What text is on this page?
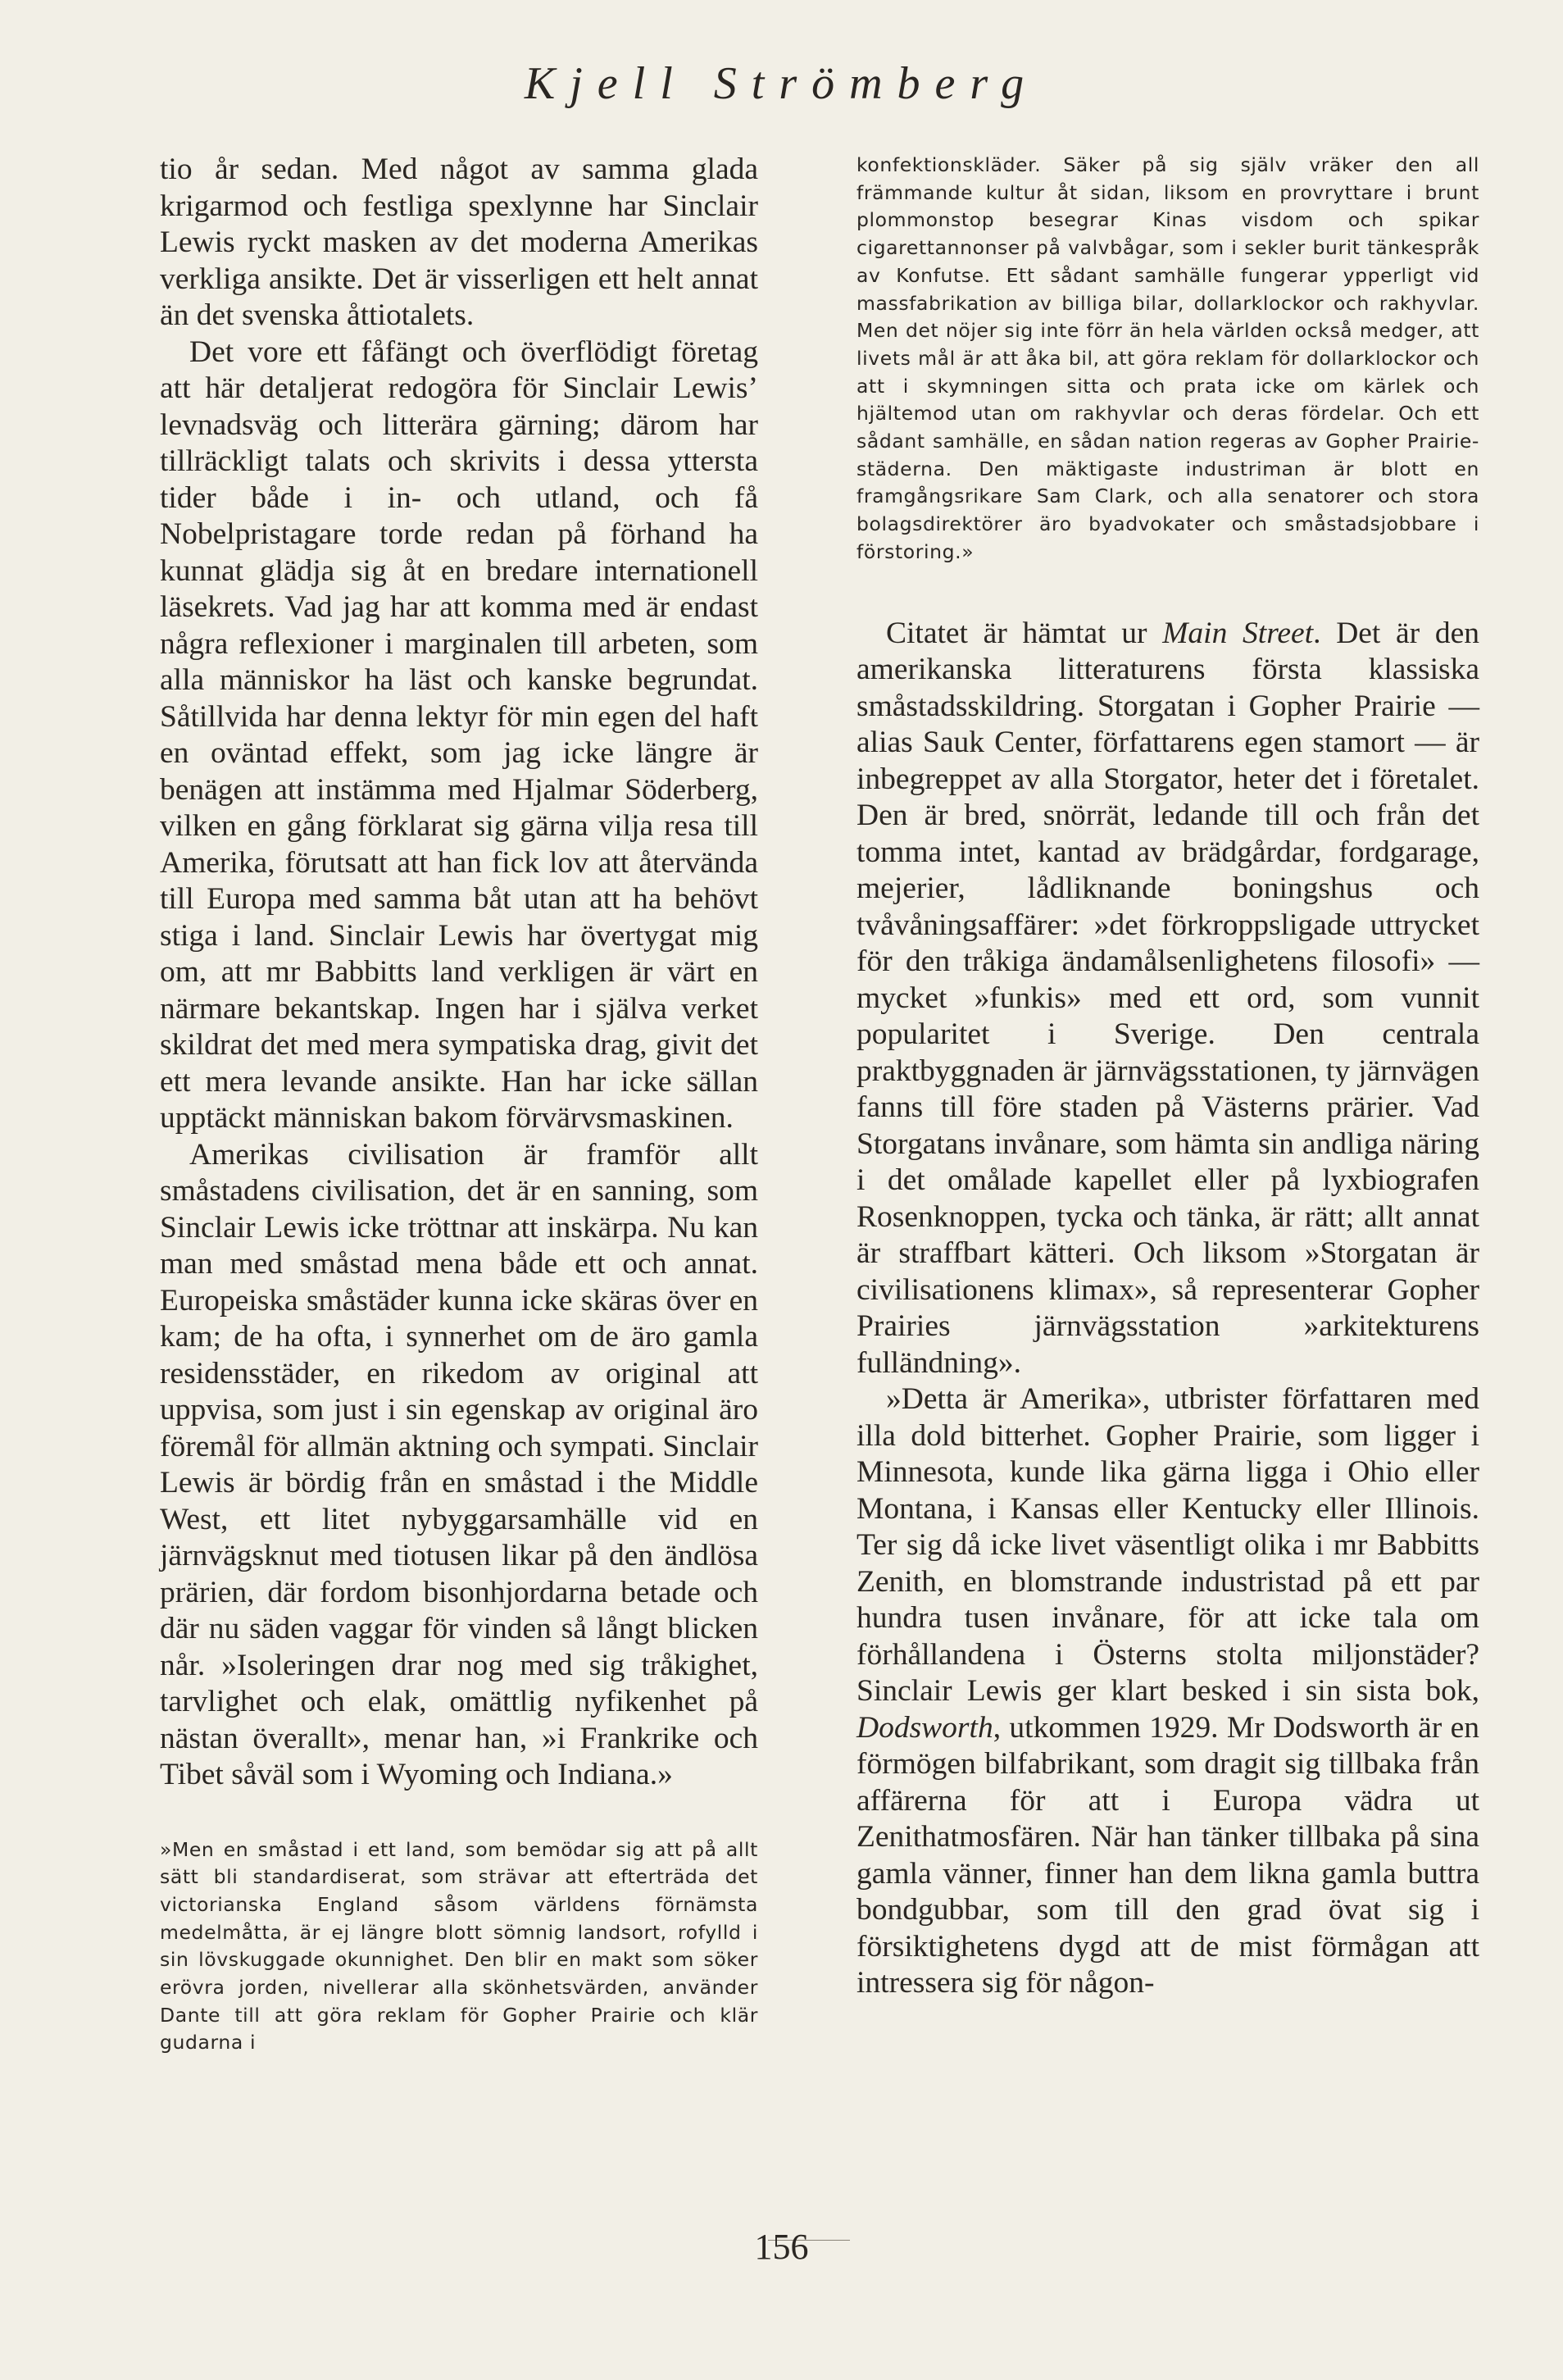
Kjell Strömberg

tio år sedan. Med något av samma glada krigarmod och festliga spexlynne har Sinclair Lewis ryckt masken av det moderna Amerikas verkliga ansikte. Det är visserligen ett helt annat än det svenska åttiotalets.

Det vore ett fåfängt och överflödigt företag att här detaljerat redogöra för Sinclair Lewis’ levnadsväg och litterära gärning; därom har tillräckligt talats och skrivits i dessa yttersta tider både i in- och utland, och få Nobelpristagare torde redan på förhand ha kunnat glädja sig åt en bredare internationell läsekrets. Vad jag har att komma med är endast några reflexioner i marginalen till arbeten, som alla människor ha läst och kanske begrundat. Såtillvida har denna lektyr för min egen del haft en oväntad effekt, som jag icke längre är benägen att instämma med Hjalmar Söderberg, vilken en gång förklarat sig gärna vilja resa till Amerika, förutsatt att han fick lov att återvända till Europa med samma båt utan att ha behövt stiga i land. Sinclair Lewis har övertygat mig om, att mr Babbitts land verkligen är värt en närmare bekantskap. Ingen har i själva verket skildrat det med mera sympatiska drag, givit det ett mera levande ansikte. Han har icke sällan upptäckt människan bakom förvärvsmaskinen.

Amerikas civilisation är framför allt småstadens civilisation, det är en sanning, som Sinclair Lewis icke tröttnar att inskärpa. Nu kan man med småstad mena både ett och annat. Europeiska småstäder kunna icke skäras över en kam; de ha ofta, i synnerhet om de äro gamla residensstäder, en rikedom av original att uppvisa, som just i sin egenskap av original äro föremål för allmän aktning och sympati. Sinclair Lewis är bördig från en småstad i the Middle West, ett litet nybyggarsamhälle vid en järnvägsknut med tiotusen likar på den ändlösa prärien, där fordom bisonhjordarna betade och där nu säden vaggar för vinden så långt blicken når. »Isoleringen drar nog med sig tråkighet, tarvlighet och elak, omättlig nyfikenhet på nästan överallt», menar han, »i Frankrike och Tibet såväl som i Wyoming och Indiana.»

»Men en småstad i ett land, som bemödar sig att på allt sätt bli standardiserat, som strävar att efterträda det victorianska England såsom världens förnämsta medelmåtta, är ej längre blott sömnig landsort, rofylld i sin lövskuggade okunnighet. Den blir en makt som söker erövra jorden, nivellerar alla skönhetsvärden, använder Dante till att göra reklam för Gopher Prairie och klär gudarna i

konfektionskläder. Säker på sig själv vräker den all främmande kultur åt sidan, liksom en provryttare i brunt plommonstop besegrar Kinas visdom och spikar cigarettannonser på valvbågar, som i sekler burit tänkespråk av Konfutse. Ett sådant samhälle fungerar ypperligt vid massfabrikation av billiga bilar, dollarklockor och rakhyvlar. Men det nöjer sig inte förr än hela världen också medger, att livets mål är att åka bil, att göra reklam för dollarklockor och att i skymningen sitta och prata icke om kärlek och hjältemod utan om rakhyvlar och deras fördelar. Och ett sådant samhälle, en sådan nation regeras av Gopher Prairie-städerna. Den mäktigaste industriman är blott en framgångsrikare Sam Clark, och alla senatorer och stora bolagsdirektörer äro byadvokater och småstadsjobbare i förstoring.»

Citatet är hämtat ur Main Street. Det är den amerikanska litteraturens första klassiska småstadsskildring. Storgatan i Gopher Prairie — alias Sauk Center, författarens egen stamort — är inbegreppet av alla Storgator, heter det i företalet. Den är bred, snörrät, ledande till och från det tomma intet, kantad av brädgårdar, fordgarage, mejerier, lådliknande boningshus och tvåvåningsaffärer: »det förkroppsligade uttrycket för den tråkiga ändamålsenlighetens filosofi» — mycket »funkis» med ett ord, som vunnit popularitet i Sverige. Den centrala praktbyggnaden är järnvägsstationen, ty järnvägen fanns till före staden på Västerns prärier. Vad Storgatans invånare, som hämta sin andliga näring i det omålade kapellet eller på lyxbiografen Rosenknoppen, tycka och tänka, är rätt; allt annat är straffbart kätteri. Och liksom »Storgatan är civilisationens klimax», så representerar Gopher Prairies järnvägsstation »arkitekturens fulländning».

»Detta är Amerika», utbrister författaren med illa dold bitterhet. Gopher Prairie, som ligger i Minnesota, kunde lika gärna ligga i Ohio eller Montana, i Kansas eller Kentucky eller Illinois. Ter sig då icke livet väsentligt olika i mr Babbitts Zenith, en blomstrande industristad på ett par hundra tusen invånare, för att icke tala om förhållandena i Österns stolta miljonstäder? Sinclair Lewis ger klart besked i sin sista bok, Dodsworth, utkommen 1929. Mr Dodsworth är en förmögen bilfabrikant, som dragit sig tillbaka från affärerna för att i Europa vädra ut Zenithatmosfären. När han tänker tillbaka på sina gamla vänner, finner han dem likna gamla buttra bondgubbar, som till den grad övat sig i försiktighetens dygd att de mist förmågan att intressera sig för någon-

156
